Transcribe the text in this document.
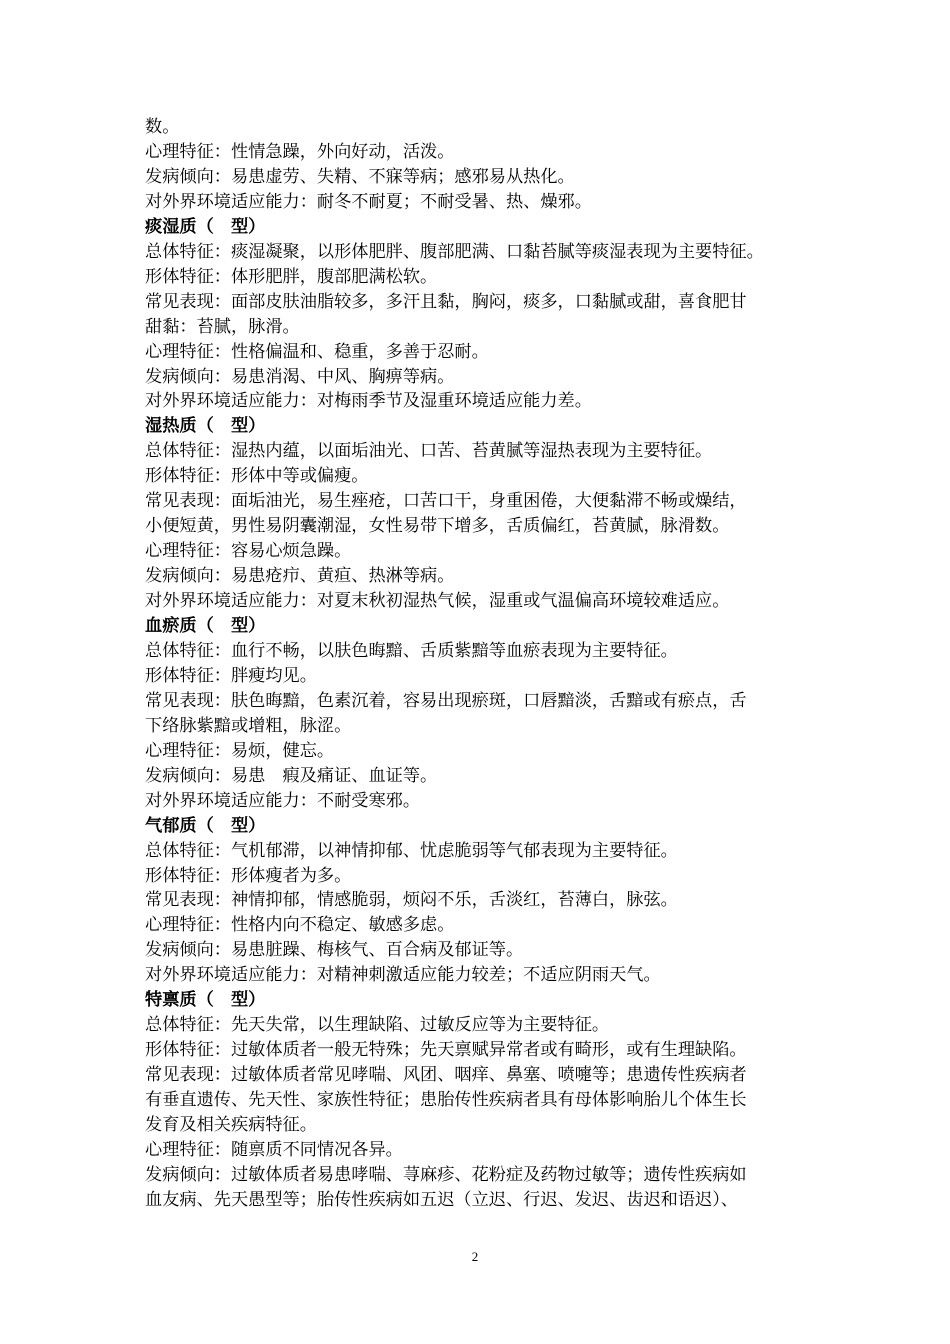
数。
心理特征：性情急躁，外向好动，活泼。
发病倾向：易患虚劳、失精、不寐等病；感邪易从热化。
对外界环境适应能力：耐冬不耐夏；不耐受暑、热、燥邪。
痰湿质（　型）
总体特征：痰湿凝聚，以形体肥胖、腹部肥满、口黏苔腻等痰湿表现为主要特征。
形体特征：体形肥胖，腹部肥满松软。
常见表现：面部皮肤油脂较多，多汗且黏，胸闷，痰多，口黏腻或甜，喜食肥甘
甜黏：苔腻，脉滑。
心理特征：性格偏温和、稳重，多善于忍耐。
发病倾向：易患消渴、中风、胸痹等病。
对外界环境适应能力：对梅雨季节及湿重环境适应能力差。
湿热质（　型）
总体特征：湿热内蕴，以面垢油光、口苦、苔黄腻等湿热表现为主要特征。
形体特征：形体中等或偏瘦。
常见表现：面垢油光，易生痤疮，口苦口干，身重困倦，大便黏滞不畅或燥结，
小便短黄，男性易阴囊潮湿，女性易带下增多，舌质偏红，苔黄腻，脉滑数。
心理特征：容易心烦急躁。
发病倾向：易患疮疖、黄疸、热淋等病。
对外界环境适应能力：对夏末秋初湿热气候，湿重或气温偏高环境较难适应。
血瘀质（　型）
总体特征：血行不畅，以肤色晦黯、舌质紫黯等血瘀表现为主要特征。
形体特征：胖瘦均见。
常见表现：肤色晦黯，色素沉着，容易出现瘀斑，口唇黯淡，舌黯或有瘀点，舌
下络脉紫黯或增粗，脉涩。
心理特征：易烦，健忘。
发病倾向：易患　瘕及痛证、血证等。
对外界环境适应能力：不耐受寒邪。
气郁质（　型）
总体特征：气机郁滞，以神情抑郁、忧虑脆弱等气郁表现为主要特征。
形体特征：形体瘦者为多。
常见表现：神情抑郁，情感脆弱，烦闷不乐，舌淡红，苔薄白，脉弦。
心理特征：性格内向不稳定、敏感多虑。
发病倾向：易患脏躁、梅核气、百合病及郁证等。
对外界环境适应能力：对精神刺激适应能力较差；不适应阴雨天气。
特禀质（　型）
总体特征：先天失常，以生理缺陷、过敏反应等为主要特征。
形体特征：过敏体质者一般无特殊；先天禀赋异常者或有畸形，或有生理缺陷。
常见表现：过敏体质者常见哮喘、风团、咽痒、鼻塞、喷嚏等；患遗传性疾病者
有垂直遗传、先天性、家族性特征；患胎传性疾病者具有母体影响胎儿个体生长
发育及相关疾病特征。
心理特征：随禀质不同情况各异。
发病倾向：过敏体质者易患哮喘、荨麻疹、花粉症及药物过敏等；遗传性疾病如
血友病、先天愚型等；胎传性疾病如五迟（立迟、行迟、发迟、齿迟和语迟）、
2
